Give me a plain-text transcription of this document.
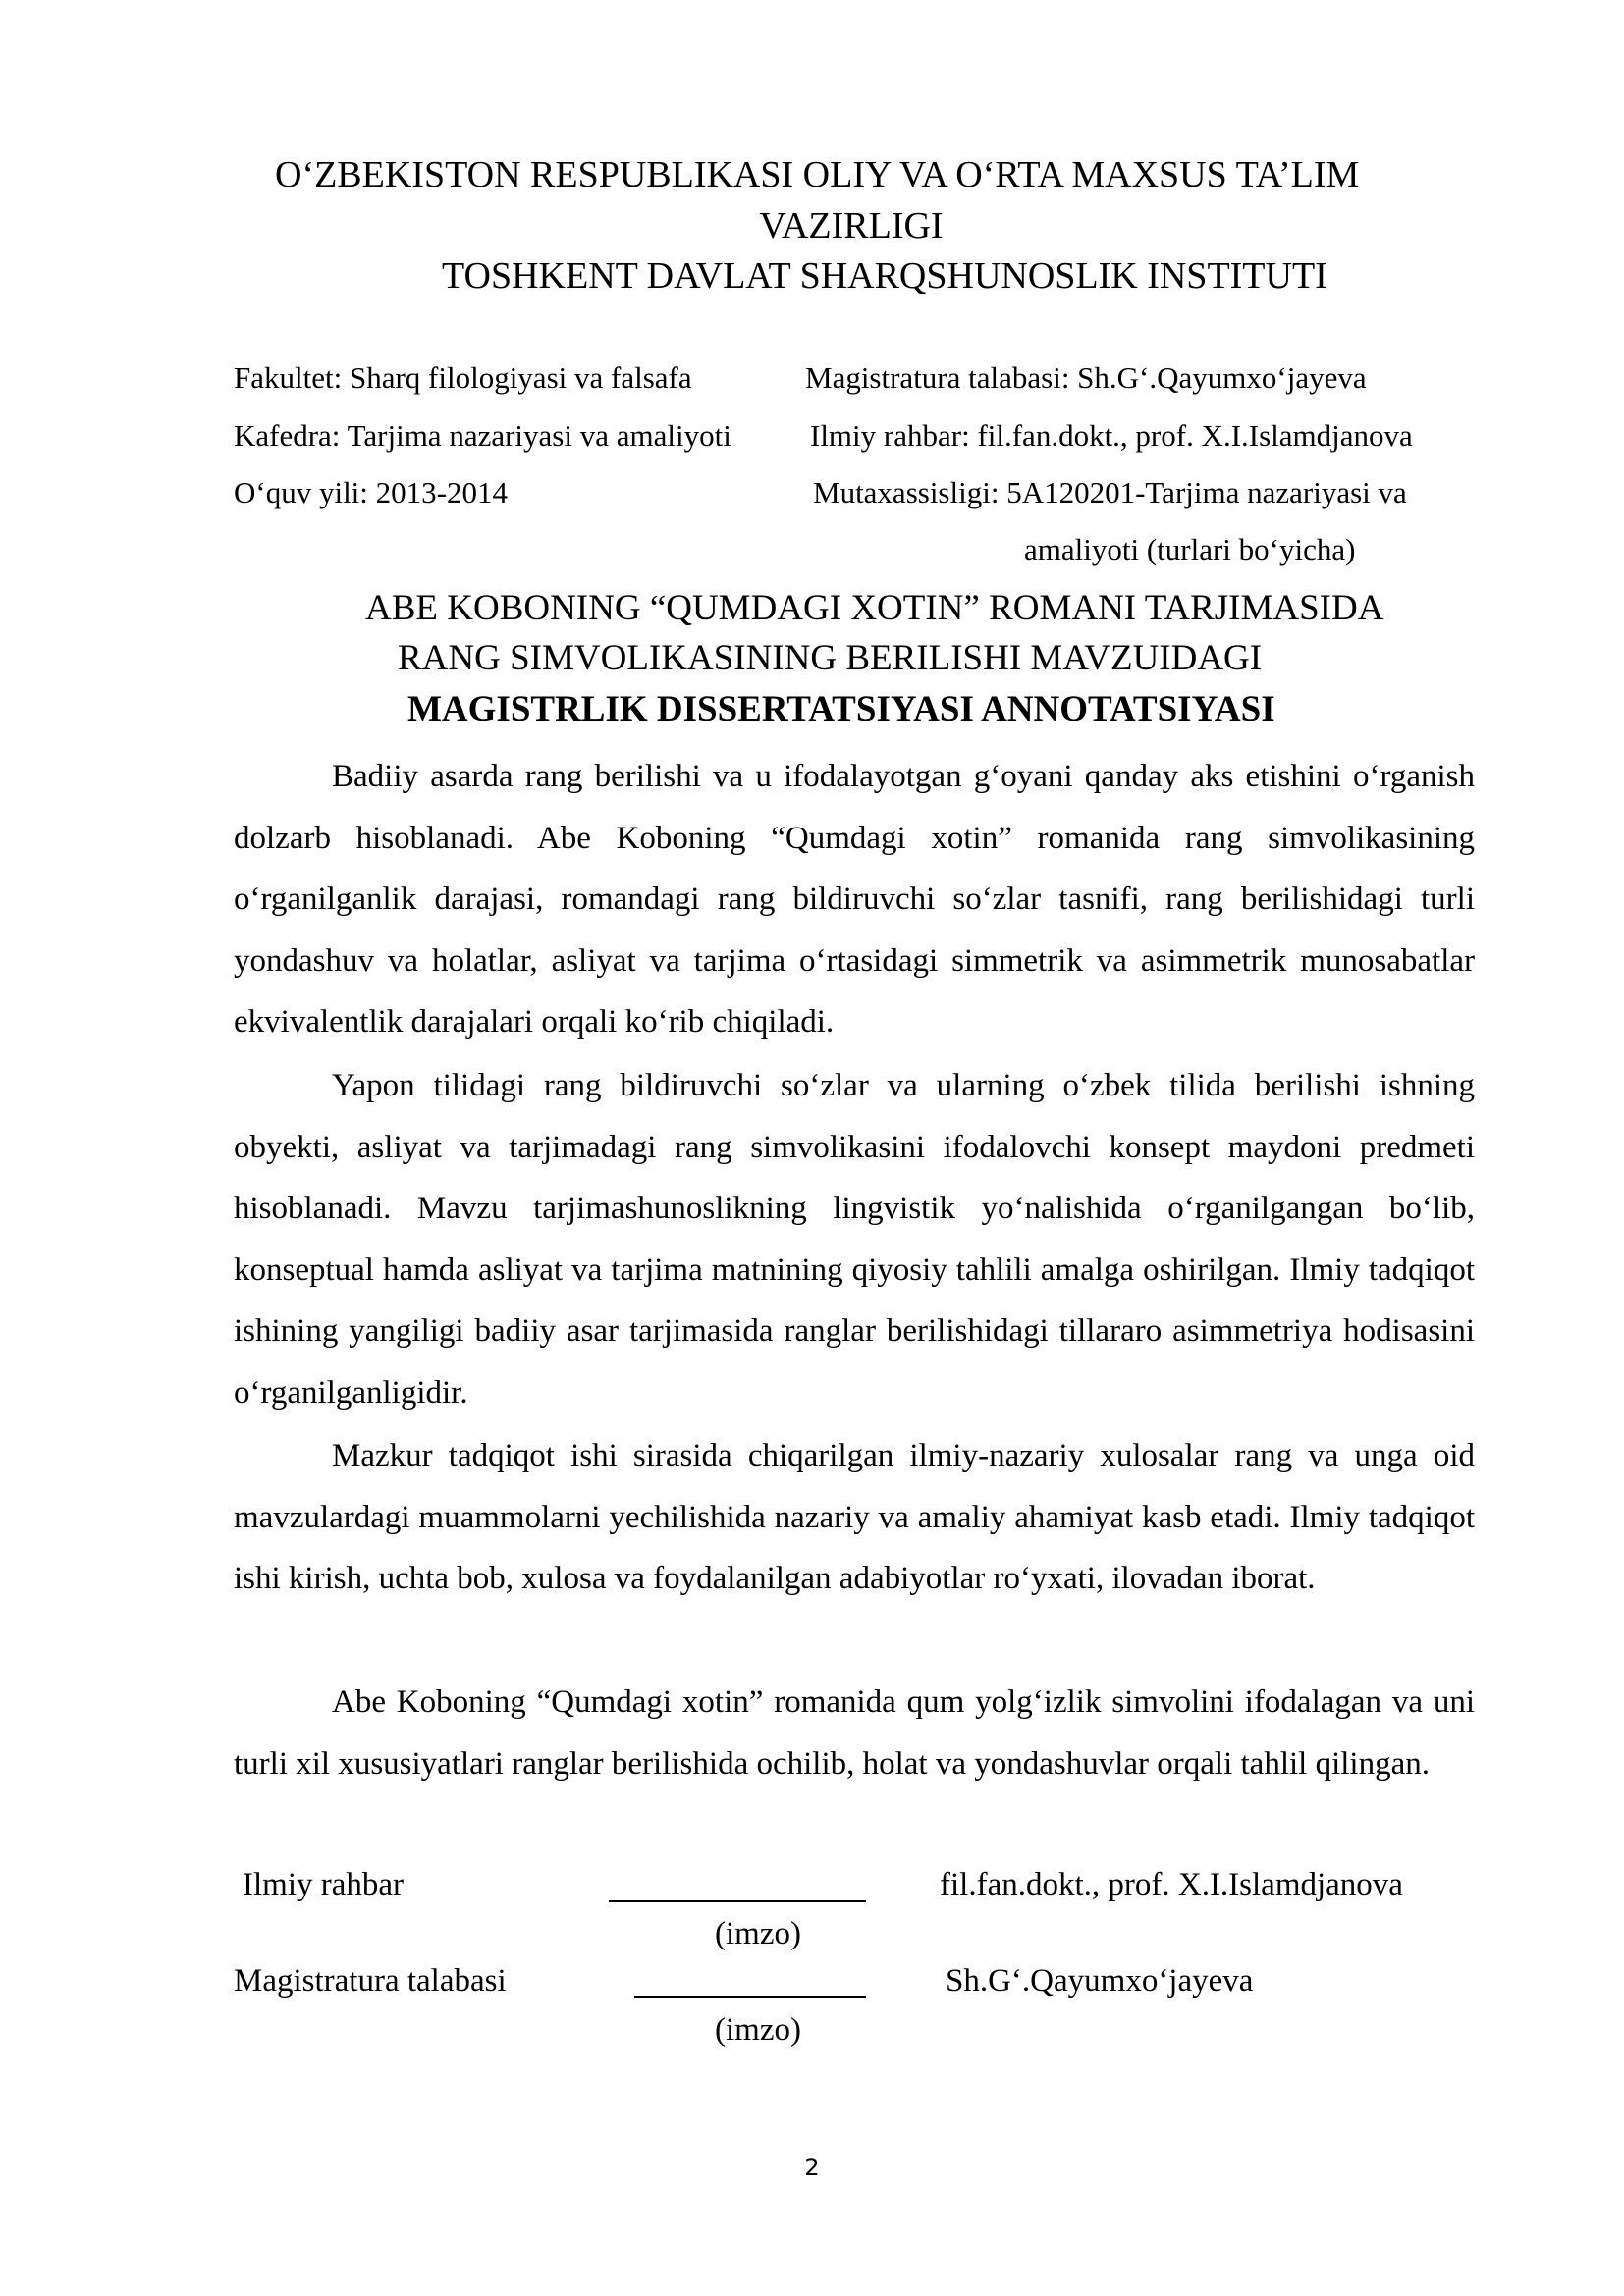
O‘ZBEKISTON RESPUBLIKASI OLIY VA O‘RTA MAXSUS TA’LIM
VAZIRLIGI
TOSHKENT DAVLAT SHARQSHUNOSLIK INSTITUTI
Fakultet: Sharq filologiyasi va falsafa
Kafedra: Tarjima nazariyasi va amaliyoti
O‘quv yili: 2013-2014
Magistratura talabasi: Sh.G‘.Qayumxo‘jayeva
Ilmiy rahbar: fil.fan.dokt., prof. X.I.Islamdjanova
Mutaxassisligi: 5A120201-Tarjima nazariyasi va
amaliyoti (turlari bo‘yicha)
ABE KOBONING “QUMDAGI XOTIN” ROMANI TARJIMASIDA
RANG SIMVOLIKASINING BERILISHI MAVZUIDAGI
MAGISTRLIK DISSERTATSIYASI ANNOTATSIYASI

Badiiy asarda rang berilishi va u ifodalayotgan g‘oyani qanday aks etishini o‘rganish dolzarb hisoblanadi. Abe Koboning “Qumdagi xotin” romanida rang simvolikasining o‘rganilganlik darajasi, romandagi rang bildiruvchi so‘zlar tasnifi, rang berilishidagi turli yondashuv va holatlar, asliyat va tarjima o‘rtasidagi simmetrik va asimmetrik munosabatlar ekvivalentlik darajalari orqali ko‘rib chiqiladi.

Yapon tilidagi rang bildiruvchi so‘zlar va ularning o‘zbek tilida berilishi ishning obyekti, asliyat va tarjimadagi rang simvolikasini ifodalovchi konsept maydoni predmeti hisoblanadi. Mavzu tarjimashunoslikning lingvistik yo‘nalishida o‘rganilgangan bo‘lib, konseptual hamda asliyat va tarjima matnining qiyosiy tahlili amalga oshirilgan. Ilmiy tadqiqot ishining yangiligi badiiy asar tarjimasida ranglar berilishidagi tillararo asimmetriya hodisasini o‘rganilganligidir.

Mazkur tadqiqot ishi sirasida chiqarilgan ilmiy-nazariy xulosalar rang va unga oid mavzulardagi muammolarni yechilishida nazariy va amaliy ahamiyat kasb etadi. Ilmiy tadqiqot ishi kirish, uchta bob, xulosa va foydalanilgan adabiyotlar ro‘yxati, ilovadan iborat.

Abe Koboning “Qumdagi xotin” romanida qum yolg‘izlik simvolini ifodalagan va uni turli xil xususiyatlari ranglar berilishida ochilib, holat va yondashuvlar orqali tahlil qilingan.

Ilmiy rahbar	fil.fan.dokt., prof. X.I.Islamdjanova
(imzo)
Magistratura talabasi	Sh.G‘.Qayumxo‘jayeva
(imzo)
2
